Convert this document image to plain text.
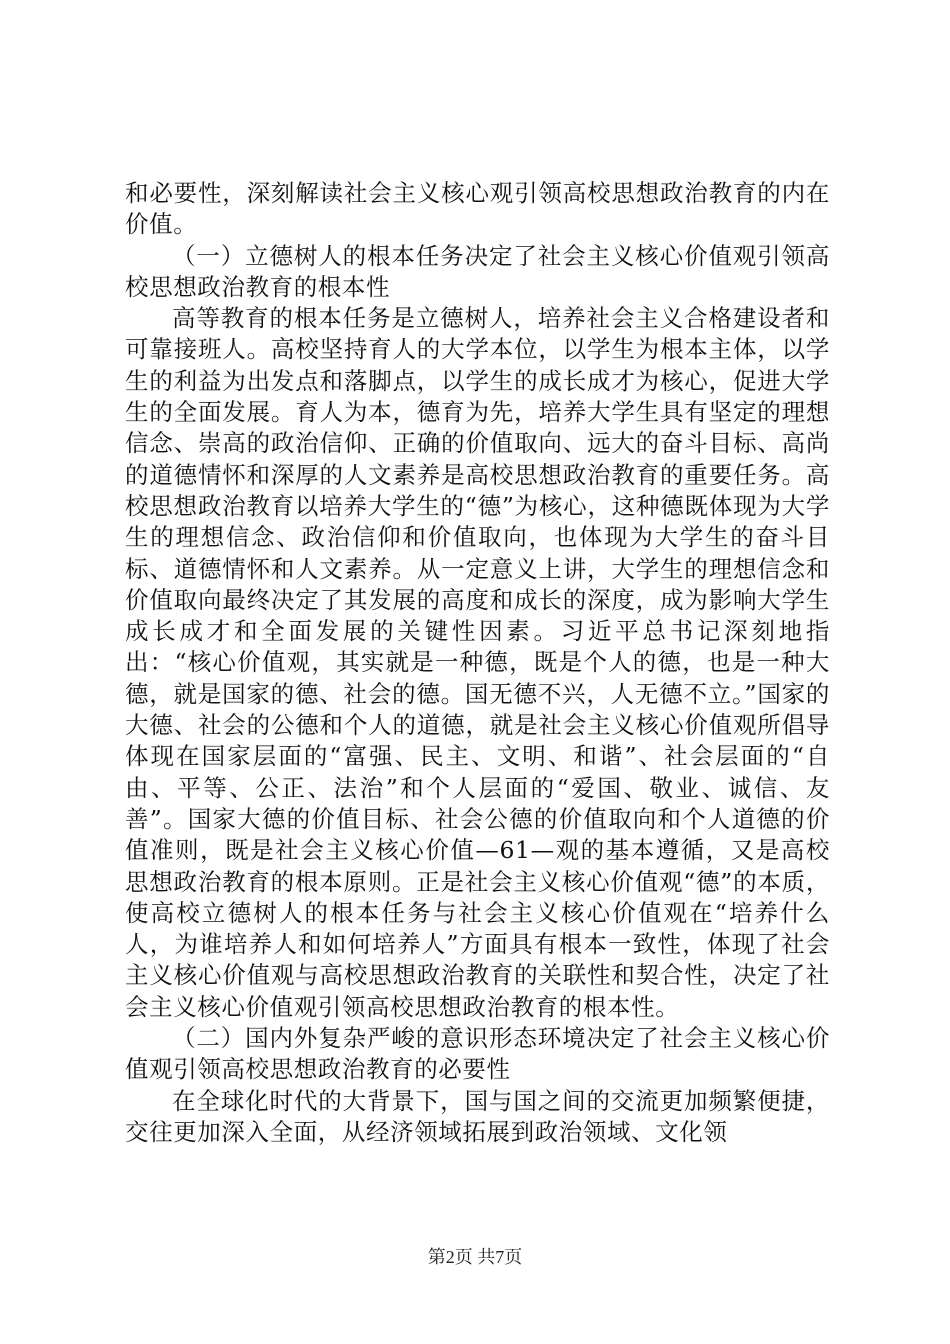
和必要性，深刻解读社会主义核心观引领高校思想政治教育的内在价值。

（一）立德树人的根本任务决定了社会主义核心价值观引领高校思想政治教育的根本性

高等教育的根本任务是立德树人，培养社会主义合格建设者和可靠接班人。高校坚持育人的大学本位，以学生为根本主体，以学生的利益为出发点和落脚点，以学生的成长成才为核心，促进大学生的全面发展。育人为本，德育为先，培养大学生具有坚定的理想信念、崇高的政治信仰、正确的价值取向、远大的奋斗目标、高尚的道德情怀和深厚的人文素养是高校思想政治教育的重要任务。高校思想政治教育以培养大学生的“德”为核心，这种德既体现为大学生的理想信念、政治信仰和价值取向，也体现为大学生的奋斗目标、道德情怀和人文素养。从一定意义上讲，大学生的理想信念和价值取向最终决定了其发展的高度和成长的深度，成为影响大学生成长成才和全面发展的关键性因素。习近平总书记深刻地指出：“核心价值观，其实就是一种德，既是个人的德，也是一种大德，就是国家的德、社会的德。国无德不兴，人无德不立。”国家的大德、社会的公德和个人的道德，就是社会主义核心价值观所倡导体现在国家层面的“富强、民主、文明、和谐”、社会层面的“自由、平等、公正、法治”和个人层面的“爱国、敬业、诚信、友善”。国家大德的价值目标、社会公德的价值取向和个人道德的价值准则，既是社会主义核心价值—61—观的基本遵循，又是高校思想政治教育的根本原则。正是社会主义核心价值观“德”的本质，使高校立德树人的根本任务与社会主义核心价值观在“培养什么人，为谁培养人和如何培养人”方面具有根本一致性，体现了社会主义核心价值观与高校思想政治教育的关联性和契合性，决定了社会主义核心价值观引领高校思想政治教育的根本性。

（二）国内外复杂严峻的意识形态环境决定了社会主义核心价值观引领高校思想政治教育的必要性

在全球化时代的大背景下，国与国之间的交流更加频繁便捷，交往更加深入全面，从经济领域拓展到政治领域、文化领

第2页 共7页
